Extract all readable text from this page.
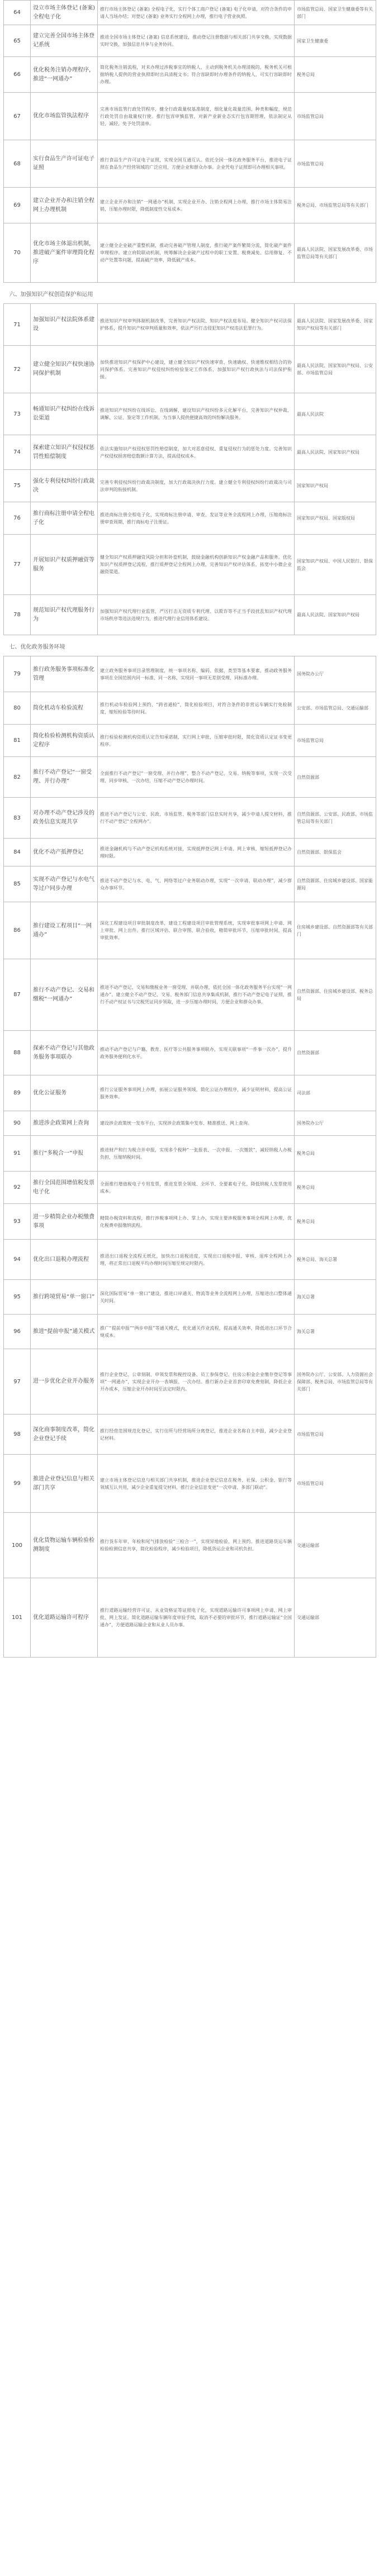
64	设立市场主体登记 (备案) 全程电子化	推行市场主体登记 (备案) 全程电子化，实行个体工商户登记 (备案) 电子化申请，对符合条件的申请人当场办结；对登记 (备案) 业务实行全程网上办理，推行电子营业执照。	市场监管总局、国家卫生健康委等有关部门
65	建立完善全国市场主体登记系统	推进全国市场主体登记 (备案) 信息系统建设，推动登记注册数据与相关部门共享交换，实现数据实时交换，加强信息共享与业务协同。	国家卫生健康委
66	优化税务注销办理程序，推进“一网通办”	简化税务注销流程，对未办理过涉税事宜的纳税人，主动到税务机关办理清税的，税务机关可根据纳税人提供的营业执照即时出具清税文书；符合容缺即时办理条件的纳税人，可实行容缺即时办理。	税务总局
67	优化市场监管执法程序	完善市场监管行政处罚程序，健全行政裁量权基准制度，细化量化裁量范围、种类和幅度，规范行政处罚自由裁量权行使。推行包容审慎监管，对新产业新业态实行包容期管理，依法制定从轻、减轻、免予处罚清单。	市场监管总局
68	实行食品生产许可证电子证照	推行食品生产许可证电子证照，实现全国互通互认。依托全国一体化政务服务平台，推进电子证照在食品生产经营领域的广泛应用，方便企业和群众办事。企业凭电子证照即可办理相关事项。	市场监管总局
69	建立企业开办和注销全程网上办理机制	建立企业开办和注销“一网通办”机制，实现企业开办、注销全程网上办理，推行市场主体简易注销，压缩办理时限，降低制度性交易成本。	税务总局、市场监管总局等有关部门
70	优化市场主体退出机制，推进破产案件审理简化程序	建立健全企业破产重整机制，推动完善破产管理人制度，推行破产案件繁简分流，简化破产案件审理程序。建立府院联动机制，统筹解决企业破产过程中的职工安置、税费减免、信用修复、不动产处置等问题，提高破产效率，降低破产成本。	最高人民法院、国家发展改革委、市场监管总局等有关部门
六、加强知识产权创造保护和运用			
71	加强知识产权法院体系建设	推进知识产权审判体制机制改革，完善知识产权法院、知识产权法庭布局。健全知识产权司法保护体系，提升知识产权审判质量和效率，依法严厉打击侵犯知识产权违法犯罪行为。	最高人民法院、国家发展改革委、国家知识产权局等有关部门
72	建立健全知识产权快速协同保护机制	加快推进知识产权保护中心建设，建立健全知识产权快速审查、快速确权、快速维权相结合的协同保护体系。完善知识产权侵权纠纷检验鉴定工作体系，加强知识产权行政执法与司法保护衔接。	最高人民法院、国家知识产权局、公安部、市场监管总局
73	畅通知识产权纠纷在线诉讼渠道	推进知识产权纠纷在线诉讼、在线调解，建设知识产权纠纷多元化解平台，完善知识产权仲裁、调解、公证、鉴定等工作机制，为当事人提供便捷高效的纠纷解决服务。	最高人民法院
74	探索建立知识产权侵权惩罚性赔偿制度	依法实施知识产权侵权惩罚性赔偿制度，加大对恶意侵权、重复侵权行为的惩处力度。完善知识产权侵权损害赔偿数额计算方法，提高侵权成本。	最高人民法院、国家知识产权局
75	强化专利侵权纠纷行政裁决	完善专利侵权纠纷行政裁决制度，加大行政裁决执行力度。建立健全专利侵权纠纷行政裁决与司法审判的衔接机制。	国家知识产权局
76	推行商标注册申请全程电子化	推进商标注册全程电子化，实现商标注册申请、审查、发证等业务全流程网上办理，压缩商标注册审查周期，推行商标电子注册证。	国家知识产权局、国家版权局
77	开展知识产权质押融资等服务	健全知识产权质押融资风险分担和补偿机制，鼓励金融机构创新知识产权金融产品和服务。优化知识产权质押登记流程，推行质押登记全程网上办理，完善知识产权评估体系，拓宽中小微企业融资渠道。	国家知识产权局、中国人民银行、银保监会
78	规范知识产权代理服务行为	加强知识产权代理行业监管，严厉打击无资质专利代理、以欺诈等不正当手段扰乱知识产权代理市场秩序等违法违规行为，推进代理行业信用体系建设。	最高人民法院、国家知识产权局
七、优化政务服务环境			
79	推行政务服务事项标准化管理	建立政务服务事项目录管理制度，统一事项名称、编码、依据、类型等基本要素，推动政务服务事项在全国范围内同一标准、同一名称，实现同一事项无差别受理、同标准办理。	国务院办公厅
80	简化机动车检验流程	推行机动车检验网上预约、“跨省通检”，简化检验项目，对符合条件的非营运车辆实行免检制度，缩短检验等待时间。	公安部、市场监管总局、交通运输部
81	简化检验检测机构资质认定程序	推行检验检测机构资质认定告知承诺制，实行网上审批，压缩审批时限，简化资质认定证书变更程序。	市场监管总局
82	推行不动产登记“一窗受理、并行办理”	全面推行不动产登记“一窗受理、并行办理”，整合不动产登记、交易、纳税等事项，实现一次受理、同步审核、一次办结，压缩不动产登记办理时间。	自然资源部
83	对办理不动产登记涉及的政务信息实现共享	推进不动产登记与公安、民政、市场监管、税务等部门信息实时共享，减少申请人提交材料，推行不动产登记“全程网办”。	自然资源部、公安部、民政部、市场监管总局等有关部门
84	优化不动产抵押登记	推进金融机构与不动产登记机构系统对接，实现抵押登记网上申请、网上审核，缩短抵押登记办理时限。	自然资源部、银保监会
85	实现不动产登记与水电气等过户同步办理	推进不动产登记与水、电、气、网络等过户业务联动办理，实现“一次申请、联动办理”，减少群众办事环节。	自然资源部、住房城乡建设部、国家能源局
86	推行建设工程项目“一网通办”	深化工程建设项目审批制度改革，建设工程建设项目审批管理系统，实现审批事项网上申请、网上审批、网上出件。推行区域评估、联合审图、联合验收，精简审批环节，压缩审批时间，提高审批效率。	住房城乡建设部、自然资源部等有关部门
87	推行不动产登记、交易和缴税“一网通办”	推进不动产登记、交易和缴税业务一窗受理、并联办理，依托全国一体化政务服务平台实现“一网通办”。建立健全不动产登记、交易、税务部门信息共享集成机制，推行不动产登记电子证照，推行不动产权证书与完税凭证同步领取，进一步压缩办理时间，方便企业和群众办事。	自然资源部、住房城乡建设部、税务总局
88	探索不动产登记与其他政务服务事项联办	推动不动产登记与户籍、教育、医疗等公共服务事项联办，实现关联事项“一件事一次办”，提升政务服务便利化水平。	自然资源部
89	优化公证服务	推行公证服务事项网上办理，拓展公证服务领域，简化公证办理程序，减少证明材料，提高公证服务效率。	司法部
90	推进涉企政策网上查询	建设涉企政策统一发布平台，实现涉企政策集中发布、精准推送、网上查询。	国务院办公厅
91	推行“多税合一”申报	推进财产和行为税合并申报，实现多个税种“一张报表、一次申报、一次缴款”，减轻纳税人办税负担，压缩纳税时间。	税务总局
92	推行全国范围增值税发票电子化	全面推行增值税电子专用发票，推进发票全领域、全环节、全要素电子化，降低纳税人发票使用成本。	税务总局
93	进一步精简企业办税缴费事项	精简办税资料和流程，推行涉税事项网上办、掌上办，实现主要涉税服务事项全程网上办理，优化税费申报缴纳流程。	税务总局
94	优化出口退税办理流程	推进出口退税全流程无纸化，加快出口退税进度，实现出口退税申报、审核、退库全程网上办理，将正常出口退税平均办理时间压缩至规定时限内。	税务总局、海关总署
95	推行跨境贸易“单一窗口”	深化国际贸易“单一窗口”建设，推进口岸通关、物流等业务全流程网上办理，压缩进出口整体通关时间。	海关总署
96	推进“提前申报”通关模式	推广“提前申报”“两步申报”等通关模式，优化通关作业流程，提高通关效率，降低进出口环节合规成本。	海关总署
97	进一步优化企业开办服务	推行企业登记、公章刻制、申领发票和税控设备、员工参保登记、住房公积金企业缴存登记等事项“一网通办”，实现企业开办一表填报、一次办结。推行新办企业首套印章免费刻制，降低企业开办成本，压缩企业开办时间至法定时限内。	国务院办公厅、公安部、人力资源社会保障部、税务总局、市场监管总局等有关部门
98	深化商事制度改革，简化企业登记手续	推行经营范围规范化登记，实行住所与经营场所分离登记，推进企业名称自主申报，减少企业登记材料。	市场监管总局
99	推进企业登记信息与相关部门共享	建立市场主体登记信息与相关部门共享机制，推进企业登记信息在税务、社保、公积金、银行等领域互认共用，减少企业重复提交材料，推行企业信息变更“一次申请、多部门联动”。	市场监管总局
100	优化货物运输车辆检验检测制度	推行货车年审、年检和尾气排放检验“三检合一”，实现异地检验、网上预约。推进道路货运车辆检验检测信息共享，简化检验程序，减少检验项目，降低货运企业和司机负担。	交通运输部
101	优化道路运输许可程序	推行道路运输经营许可证、从业资格证等证照电子化，实现道路运输许可事项网上申请、网上审批、网上发证。简化道路运输车辆年度审验手续，取消不必要的审批环节，推行道路运输证“全国通办”，方便道路运输企业和从业人员办事。	交通运输部
